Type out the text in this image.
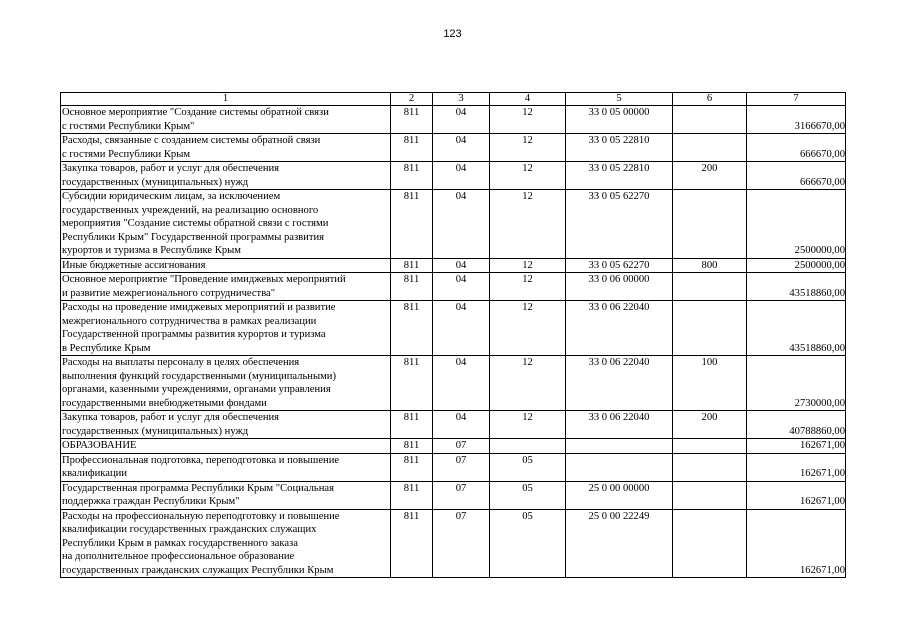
123
1	2	3	4	5	6	7
Основное мероприятие "Создание системы обратной связи
с гостями Республики Крым"	811	04	12	33 0 05 00000		3166670,00
Расходы, связанные с созданием системы обратной связи
с гостями Республики Крым	811	04	12	33 0 05 22810		666670,00
Закупка товаров, работ и услуг для обеспечения
государственных (муниципальных) нужд	811	04	12	33 0 05 22810	200	666670,00
Субсидии юридическим лицам, за исключением
государственных учреждений, на реализацию основного
мероприятия "Создание системы обратной связи с гостями
Республики Крым" Государственной программы развития
курортов и туризма в Республике Крым	811	04	12	33 0 05 62270		2500000,00
Иные бюджетные ассигнования	811	04	12	33 0 05 62270	800	2500000,00
Основное мероприятие "Проведение имиджевых мероприятий
и развитие межрегионального сотрудничества"	811	04	12	33 0 06 00000		43518860,00
Расходы на проведение имиджевых мероприятий и развитие
межрегионального сотрудничества в рамках реализации
Государственной программы развития курортов и туризма
в Республике Крым	811	04	12	33 0 06 22040		43518860,00
Расходы на выплаты персоналу в целях обеспечения
выполнения функций государственными (муниципальными)
органами, казенными учреждениями, органами управления
государственными внебюджетными фондами	811	04	12	33 0 06 22040	100	2730000,00
Закупка товаров, работ и услуг для обеспечения
государственных (муниципальных) нужд	811	04	12	33 0 06 22040	200	40788860,00
ОБРАЗОВАНИЕ	811	07				162671,00
Профессиональная подготовка, переподготовка и повышение
квалификации	811	07	05			162671,00
Государственная программа Республики Крым "Социальная
поддержка граждан Республики Крым"	811	07	05	25 0 00 00000		162671,00
Расходы на профессиональную переподготовку и повышение
квалификации государственных гражданских служащих
Республики Крым в рамках государственного заказа
на дополнительное профессиональное образование
государственных гражданских служащих Республики Крым	811	07	05	25 0 00 22249		162671,00
